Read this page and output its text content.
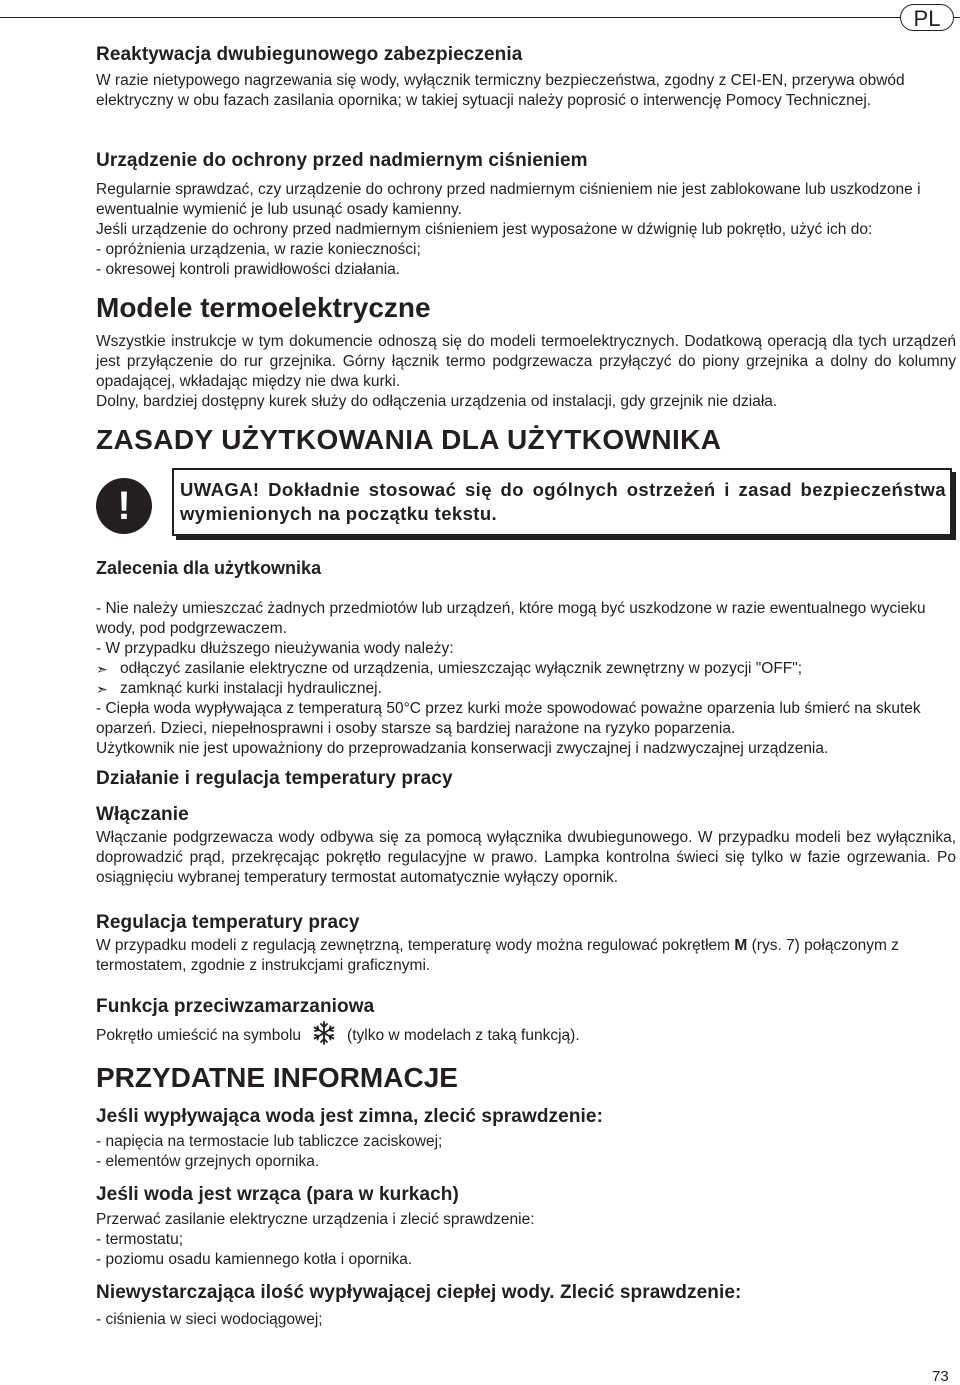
PL
Reaktywacja dwubiegunowego zabezpieczenia

W razie nietypowego nagrzewania się wody, wyłącznik termiczny bezpieczeństwa, zgodny z CEI-EN, przerywa obwód elektryczny w obu fazach zasilania opornika; w takiej sytuacji należy poprosić o interwencję Pomocy Technicznej.

Urządzenie do ochrony przed nadmiernym ciśnieniem

Regularnie sprawdzać, czy urządzenie do ochrony przed nadmiernym ciśnieniem nie jest zablokowane lub uszkodzone i ewentualnie wymienić je lub usunąć osady kamienny.

Jeśli urządzenie do ochrony przed nadmiernym ciśnieniem jest wyposażone w dźwignię lub pokrętło, użyć ich do:

- opróżnienia urządzenia, w razie konieczności;

- okresowej kontroli prawidłowości działania.

Modele termoelektryczne

Wszystkie instrukcje w tym dokumencie odnoszą się do modeli termoelektrycznych. Dodatkową operacją dla tych urządzeń jest przyłączenie do rur grzejnika. Górny łącznik termo podgrzewacza przyłączyć do piony grzejnika a dolny do kolumny opadającej, wkładając między nie dwa kurki.

Dolny, bardziej dostępny kurek służy do odłączenia urządzenia od instalacji, gdy grzejnik nie działa.

ZASADY UŻYTKOWANIA DLA UŻYTKOWNIKA
!	UWAGA! Dokładnie stosować się do ogólnych ostrzeżeń i zasad bezpieczeństwa wymienionych na początku tekstu.
Zalecenia dla użytkownika

- Nie należy umieszczać żadnych przedmiotów lub urządzeń, które mogą być uszkodzone w razie ewentualnego wycieku wody, pod podgrzewaczem.

- W przypadku dłuższego nieużywania wody należy:

➣ odłączyć zasilanie elektryczne od urządzenia, umieszczając wyłącznik zewnętrzny w pozycji "OFF";

➣ zamknąć kurki instalacji hydraulicznej.

- Ciepła woda wypływająca z temperaturą 50°C przez kurki może spowodować poważne oparzenia lub śmierć na skutek oparzeń. Dzieci, niepełnosprawni i osoby starsze są bardziej narażone na ryzyko poparzenia.

Użytkownik nie jest upoważniony do przeprowadzania konserwacji zwyczajnej i nadzwyczajnej urządzenia.

Działanie i regulacja temperatury pracy
Włączanie

Włączanie podgrzewacza wody odbywa się za pomocą wyłącznika dwubiegunowego. W przypadku modeli bez wyłącznika, doprowadzić prąd, przekręcając pokrętło regulacyjne w prawo. Lampka kontrolna świeci się tylko w fazie ogrzewania. Po osiągnięciu wybranej temperatury termostat automatycznie wyłączy opornik.

Regulacja temperatury pracy

W przypadku modeli z regulacją zewnętrzną, temperaturę wody można regulować pokrętłem M (rys. 7) połączonym z termostatem, zgodnie z instrukcjami graficznymi.

Funkcja przeciwzamarzaniowa

Pokrętło umieścić na symbolu	(tylko w modelach z taką funkcją).

PRZYDATNE INFORMACJE
Jeśli wypływająca woda jest zimna, zlecić sprawdzenie:

- napięcia na termostacie lub tabliczce zaciskowej;

- elementów grzejnych opornika.

Jeśli woda jest wrząca (para w kurkach)

Przerwać zasilanie elektryczne urządzenia i zlecić sprawdzenie:

- termostatu;

- poziomu osadu kamiennego kotła i opornika.

Niewystarczająca ilość wypływającej ciepłej wody. Zlecić sprawdzenie:

- ciśnienia w sieci wodociągowej;

73
